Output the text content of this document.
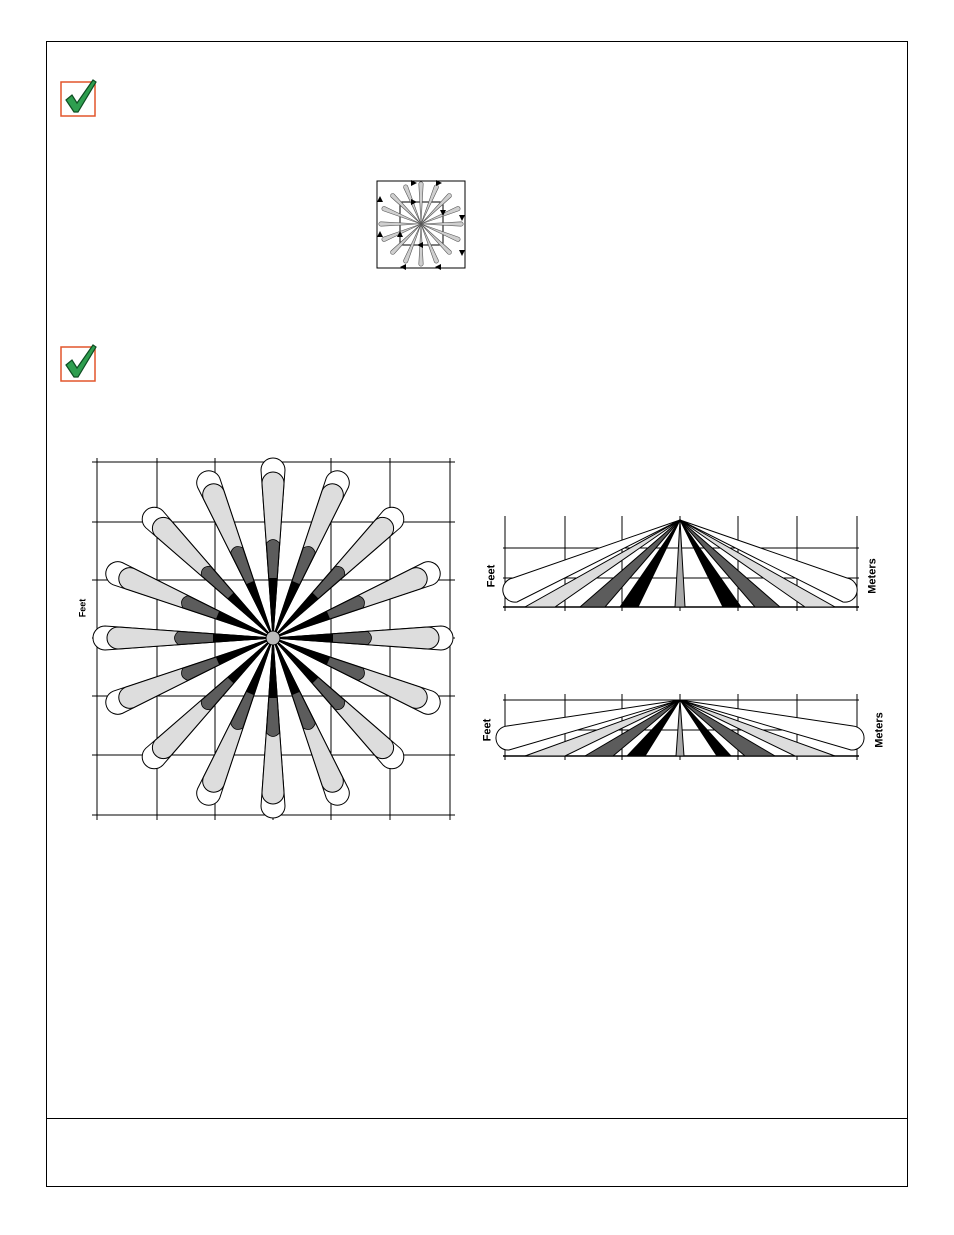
Feet
Feet	Meters
Feet	Meters
